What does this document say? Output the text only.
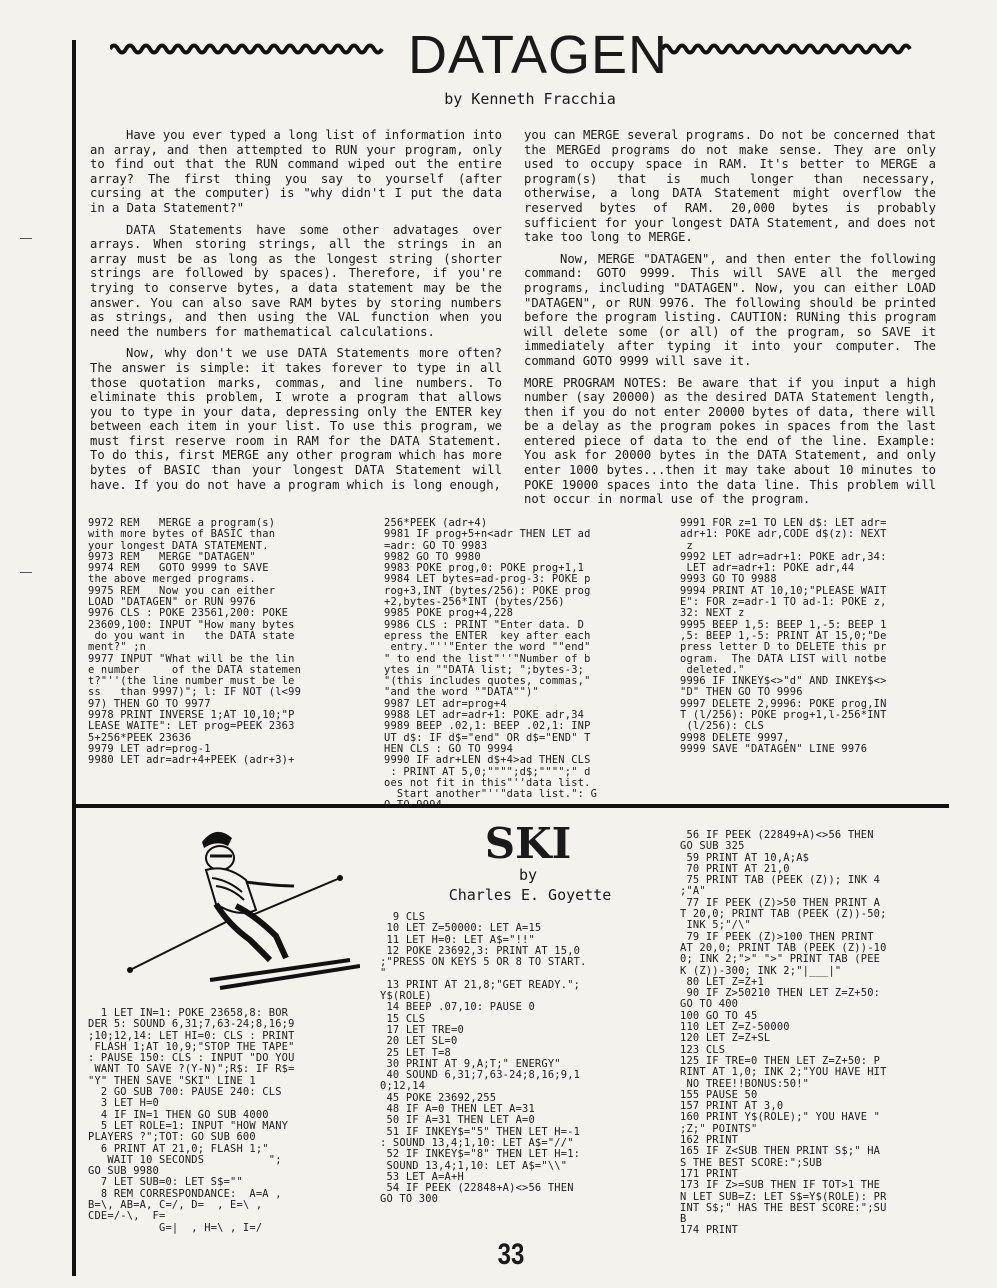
DATAGEN
by Kenneth Fracchia

Have you ever typed a long list of information into an array, and then attempted to RUN your program, only to find out that the RUN command wiped out the entire array? The first thing you say to yourself (after cursing at the computer) is "why didn't I put the data in a Data Statement?"

DATA Statements have some other advatages over arrays. When storing strings, all the strings in an array must be as long as the longest string (shorter strings are followed by spaces). Therefore, if you're trying to conserve bytes, a data statement may be the answer. You can also save RAM bytes by storing numbers as strings, and then using the VAL function when you need the numbers for mathematical calculations.

Now, why don't we use DATA Statements more often? The answer is simple: it takes forever to type in all those quotation marks, commas, and line numbers. To eliminate this problem, I wrote a program that allows you to type in your data, depressing only the ENTER key between each item in your list. To use this program, we must first reserve room in RAM for the DATA Statement. To do this, first MERGE any other program which has more bytes of BASIC than your longest DATA Statement will have. If you do not have a program which is long enough,

you can MERGE several programs. Do not be concerned that the MERGEd programs do not make sense. They are only used to occupy space in RAM. It's better to MERGE a program(s) that is much longer than necessary, otherwise, a long DATA Statement might overflow the reserved bytes of RAM. 20,000 bytes is probably sufficient for your longest DATA Statement, and does not take too long to MERGE.

Now, MERGE "DATAGEN", and then enter the following command: GOTO 9999. This will SAVE all the merged programs, including "DATAGEN". Now, you can either LOAD "DATAGEN", or RUN 9976. The following should be printed before the program listing. CAUTION: RUNing this program will delete some (or all) of the program, so SAVE it immediately after typing it into your computer. The command GOTO 9999 will save it.

MORE PROGRAM NOTES: Be aware that if you input a high number (say 20000) as the desired DATA Statement length, then if you do not enter 20000 bytes of data, there will be a delay as the program pokes in spaces from the last entered piece of data to the end of the line. Example: You ask for 20000 bytes in the DATA Statement, and only enter 1000 bytes...then it may take about 10 minutes to POKE 19000 spaces into the data line. This problem will not occur in normal use of the program.

9972 REM   MERGE a program(s)
with more bytes of BASIC than
your longest DATA STATEMENT.
9973 REM   MERGE "DATAGEN"
9974 REM   GOTO 9999 to SAVE
the above merged programs.
9975 REM   Now you can either
LOAD "DATAGEN" or RUN 9976
9976 CLS : POKE 23561,200: POKE
23609,100: INPUT "How many bytes
do you want in   the DATA state
ment?" ;n
9977 INPUT "What will be the lin
e number     of the DATA statemen
t?"''(the line number must be le
ss   than 9997)"; l: IF NOT (l<99
97) THEN GO TO 9977
9978 PRINT INVERSE 1;AT 10,10;"P
LEASE WAITE": LET prog=PEEK 2363
5+256*PEEK 23636
9979 LET adr=prog-1
9980 LET adr=adr+4+PEEK (adr+3)+
256*PEEK (adr+4)
9981 IF prog+5+n<adr THEN LET ad
=adr: GO TO 9983
9982 GO TO 9980
9983 POKE prog,0: POKE prog+1,1
9984 LET bytes=ad-prog-3: POKE p
rog+3,INT (bytes/256): POKE prog
+2,bytes-256*INT (bytes/256)
9985 POKE prog+4,228
9986 CLS : PRINT "Enter data. D
epress the ENTER  key after each
entry."''"Enter the word ""end"
" to end the list"''"Number of b
ytes in ""DATA list; ";bytes-3;
"(this includes quotes, commas,"
"and the word ""DATA"")"
9987 LET adr=prog+4
9988 LET adr=adr+1: POKE adr,34
9989 BEEP .02,1: BEEP .02,1: INP
UT d$: IF d$="end" OR d$="END" T
HEN CLS : GO TO 9994
9990 IF adr+LEN d$+4>ad THEN CLS
: PRINT AT 5,0;"""";d$;"""";" d
oes not fit in this"''data list.
Start another"''"data list.": G
O TO 9994
9991 FOR z=1 TO LEN d$: LET adr=
adr+1: POKE adr,CODE d$(z): NEXT
z
9992 LET adr=adr+1: POKE adr,34:
LET adr=adr+1: POKE adr,44
9993 GO TO 9988
9994 PRINT AT 10,10;"PLEASE WAIT
E": FOR z=adr-1 TO ad-1: POKE z,
32: NEXT z
9995 BEEP 1,5: BEEP 1,-5: BEEP 1
,5: BEEP 1,-5: PRINT AT 15,0;"De
press letter D to DELETE this pr
ogram.  The DATA LIST will notbe
deleted."
9996 IF INKEY$<>"d" AND INKEY$<>
"D" THEN GO TO 9996
9997 DELETE 2,9996: POKE prog,IN
T (l/256): POKE prog+1,l-256*INT
(l/256): CLS
9998 DELETE 9997,
9999 SAVE "DATAGEN" LINE 9976
SKI
by
Charles E. Goyette
1 LET IN=1: POKE 23658,8: BOR
DER 5: SOUND 6,31;7,63-24;8,16;9
;10;12,14: LET HI=0: CLS : PRINT
FLASH 1;AT 10,9;"STOP THE TAPE"
: PAUSE 150: CLS : INPUT "DO YOU
WANT TO SAVE ?(Y-N)";R$: IF R$=
"Y" THEN SAVE "SKI" LINE 1
2 GO SUB 700: PAUSE 240: CLS
3 LET H=0
4 IF IN=1 THEN GO SUB 4000
5 LET ROLE=1: INPUT "HOW MANY
PLAYERS ?";TOT: GO SUB 600
6 PRINT AT 21,0; FLASH 1;"
WAIT 10 SECONDS          ";
GO SUB 9980
7 LET SUB=0: LET S$=""
8 REM CORRESPONDANCE:  A=A ,
B=\, AB=A, C=/, D=  , E=\ ,
CDE=/-\,  F=
G=|  , H=\ , I=/
9 CLS
10 LET Z=50000: LET A=15
11 LET H=0: LET A$="!!"
12 POKE 23692,3: PRINT AT 15,0
;"PRESS ON KEYS 5 OR 8 TO START.
"
13 PRINT AT 21,8;"GET READY.";
Y$(ROLE)
14 BEEP .07,10: PAUSE 0
15 CLS
17 LET TRE=0
20 LET SL=0
25 LET T=8
30 PRINT AT 9,A;T;" ENERGY"
40 SOUND 6,31;7,63-24;8,16;9,1
0;12,14
45 POKE 23692,255
48 IF A=0 THEN LET A=31
50 IF A=31 THEN LET A=0
51 IF INKEY$="5" THEN LET H=-1
: SOUND 13,4;1,10: LET A$="//"
52 IF INKEY$="8" THEN LET H=1:
SOUND 13,4;1,10: LET A$="\\"
53 LET A=A+H
54 IF PEEK (22848+A)<>56 THEN
GO TO 300
56 IF PEEK (22849+A)<>56 THEN
GO SUB 325
59 PRINT AT 10,A;A$
70 PRINT AT 21,0
75 PRINT TAB (PEEK (Z)); INK 4
;"A"
77 IF PEEK (Z)>50 THEN PRINT A
T 20,0; PRINT TAB (PEEK (Z))-50;
INK 5;"/\"
79 IF PEEK (Z)>100 THEN PRINT
AT 20,0; PRINT TAB (PEEK (Z))-10
0; INK 2;">" ">" PRINT TAB (PEE
K (Z))-300; INK 2;"|___|"
80 LET Z=Z+1
90 IF Z>50210 THEN LET Z=Z+50:
GO TO 400
100 GO TO 45
110 LET Z=Z-50000
120 LET Z=Z+SL
123 CLS
125 IF TRE=0 THEN LET Z=Z+50: P
RINT AT 1,0; INK 2;"YOU HAVE HIT
NO TREE!!BONUS:50!"
155 PAUSE 50
157 PRINT AT 3,0
160 PRINT Y$(ROLE);" YOU HAVE "
;Z;" POINTS"
162 PRINT
165 IF Z<SUB THEN PRINT S$;" HA
S THE BEST SCORE:";SUB
171 PRINT
173 IF Z>=SUB THEN IF TOT>1 THE
N LET SUB=Z: LET S$=Y$(ROLE): PR
INT S$;" HAS THE BEST SCORE:";SU
B
174 PRINT
33
